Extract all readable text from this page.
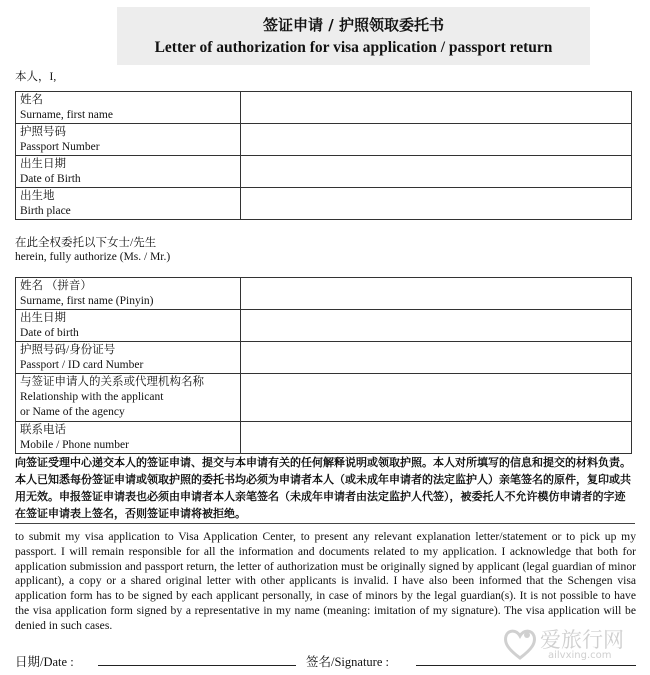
签证申请 / 护照领取委托书
Letter of authorization for visa application / passport return
本人，I,
姓名
Surname, first name	
护照号码
Passport Number	
出生日期
Date of Birth	
出生地
Birth place	
在此全权委托以下女士/先生
herein, fully authorize (Ms. / Mr.)
姓名 （拼音）
Surname, first name (Pinyin)	
出生日期
Date of birth	
护照号码/身份证号
Passport / ID card Number	
与签证申请人的关系或代理机构名称
Relationship with the applicant
or Name of the agency	
联系电话
Mobile / Phone number	
向签证受理中心递交本人的签证申请、提交与本申请有关的任何解释说明或领取护照。本人对所填写的信息和提交的材料负责。本人已知悉每份签证申请或领取护照的委托书均必须为申请者本人（或未成年申请者的法定监护人）亲笔签名的原件，复印或共用无效。申报签证申请表也必须由申请者本人亲笔签名（未成年申请者由法定监护人代签），被委托人不允许模仿申请者的字迹在签证申请表上签名，否则签证申请将被拒绝。
to submit my visa application to Visa Application Center, to present any relevant explanation letter/statement or to pick up my passport. I will remain responsible for all the information and documents related to my application. I acknowledge that both for application submission and passport return, the letter of authorization must be originally signed by applicant (legal guardian of minor applicant), a copy or a shared original letter with other applicants is invalid. I have also been informed that the Schengen visa application form has to be signed by each applicant personally, in case of minors by the legal guardian(s). It is not possible to have the visa application form signed by a representative in my name (meaning: imitation of my signature). The visa application will be denied in such cases.
日期/Date :	签名/Signature :
爱旅行网
ailvxing.com
